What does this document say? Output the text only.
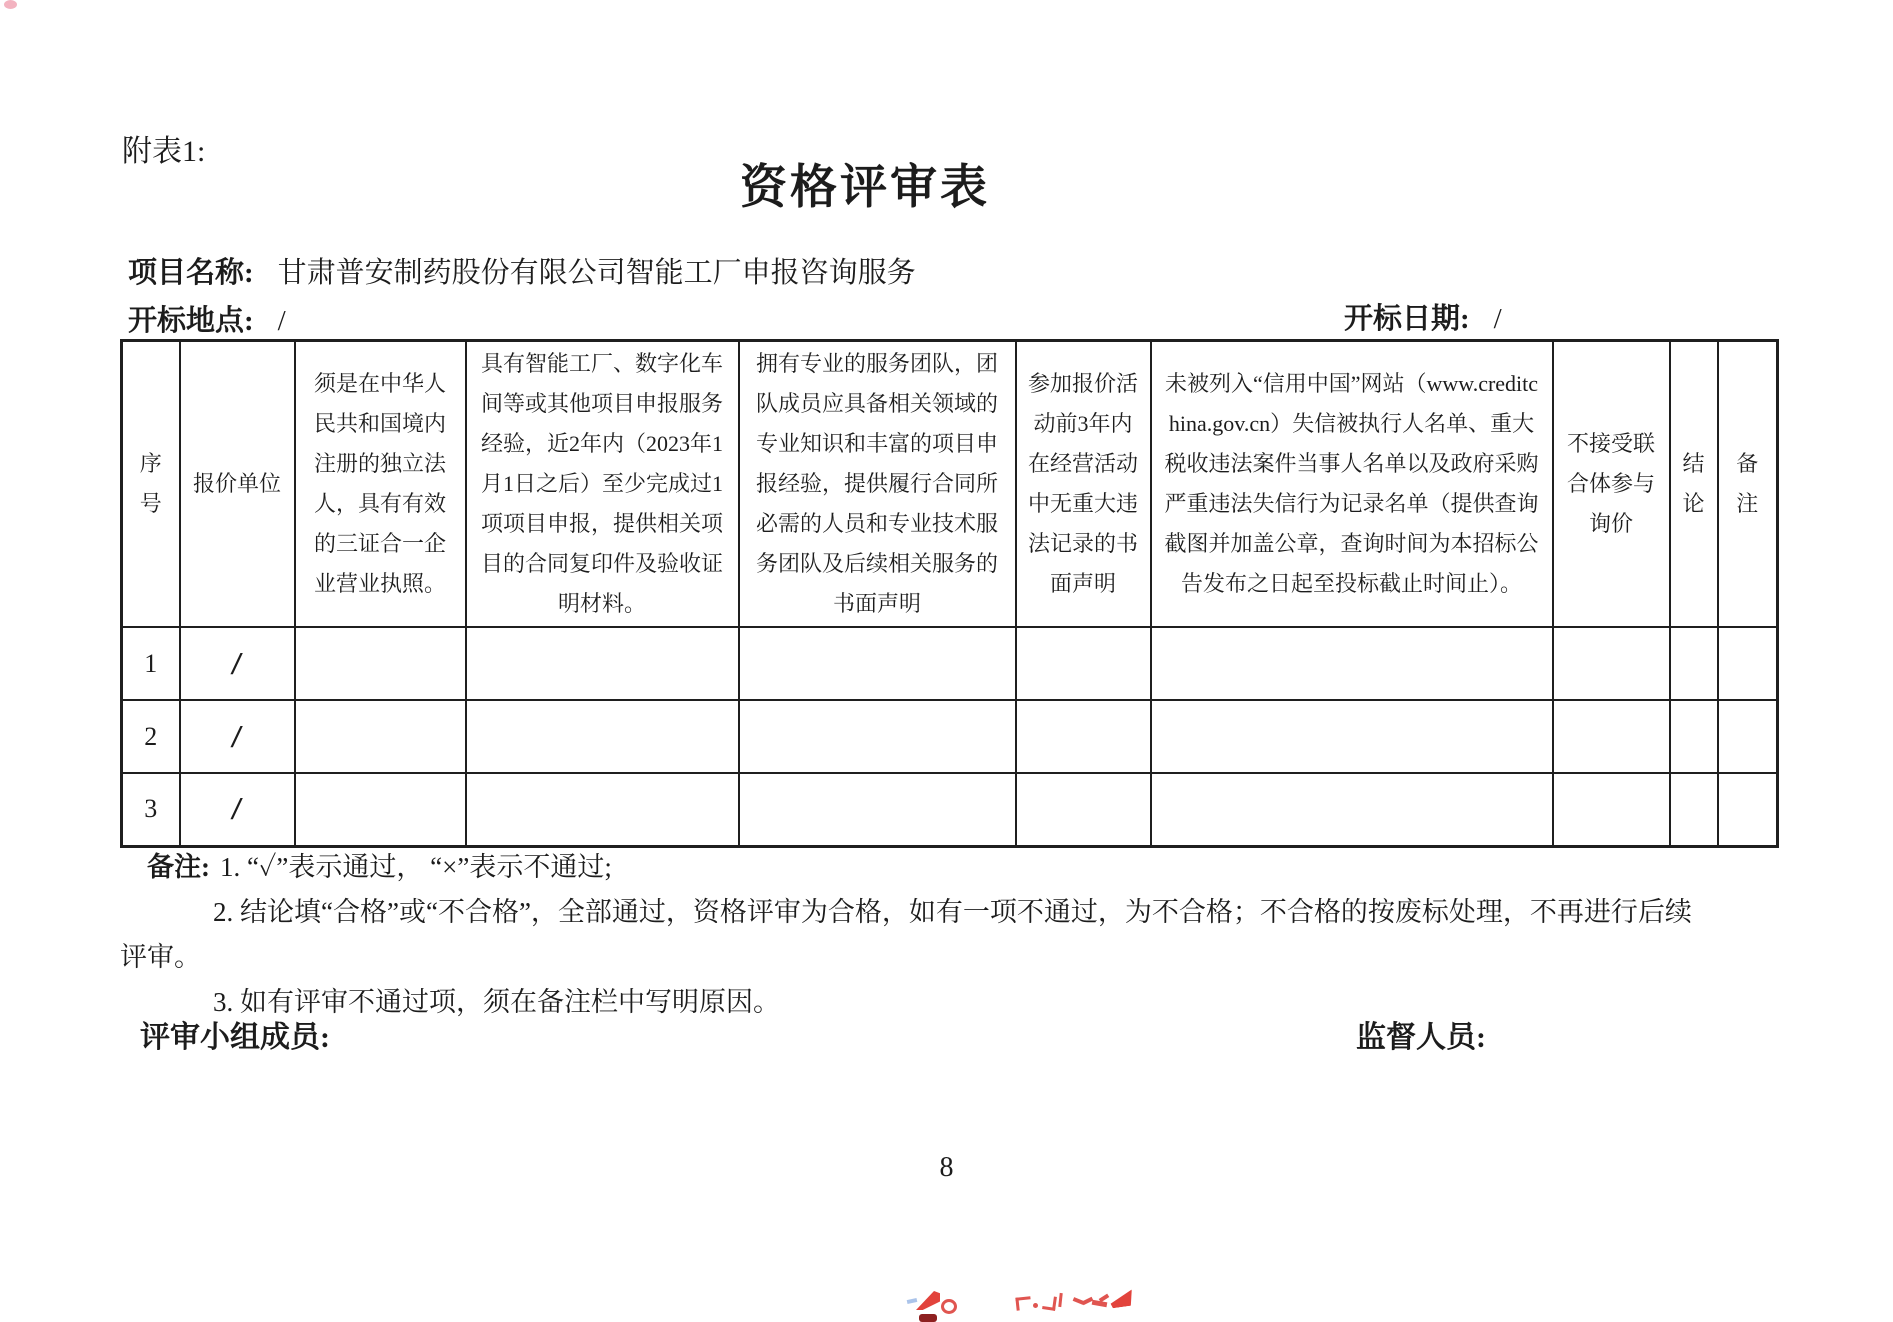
附表1:
资格评审表
项目名称: 甘肃普安制药股份有限公司智能工厂申报咨询服务
开标地点: /	开标日期: /
序号	报价单位	须是在中华人民共和国境内注册的独立法人，具有有效的三证合一企业营业执照。	具有智能工厂、数字化车间等或其他项目申报服务经验，近2年内（2023年1月1日之后）至少完成过1项项目申报，提供相关项目的合同复印件及验收证明材料。	拥有专业的服务团队，团队成员应具备相关领域的专业知识和丰富的项目申报经验，提供履行合同所必需的人员和专业技术服务团队及后续相关服务的书面声明	参加报价活动前3年内在经营活动中无重大违法记录的书面声明	未被列入“信用中国”网站（www.creditchina.gov.cn）失信被执行人名单、重大税收违法案件当事人名单以及政府采购严重违法失信行为记录名单（提供查询截图并加盖公章，查询时间为本招标公告发布之日起至投标截止时间止）。	不接受联合体参与询价	结论	备注
1	/								
2	/								
3	/								
备注: 1. “✓”表示通过， “×”表示不通过;
2. 结论填“合格”或“不合格”，全部通过，资格评审为合格，如有一项不通过，为不合格；不合格的按废标处理，不再进行后续
评审。
3. 如有评审不通过项，须在备注栏中写明原因。
评审小组成员:	监督人员:
8
